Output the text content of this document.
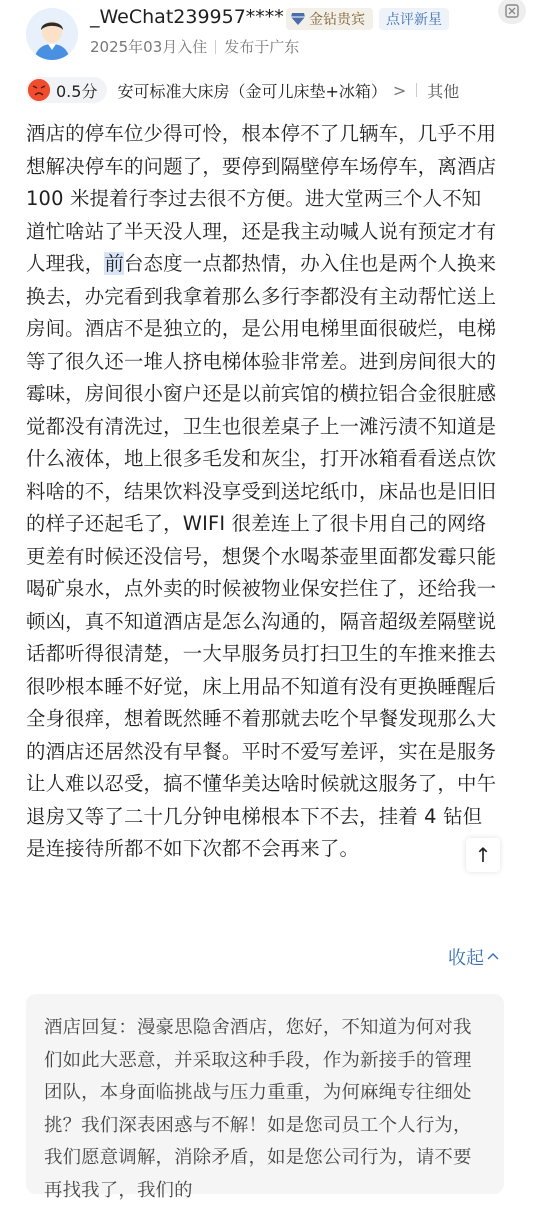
_WeChat239957**** 金钻贵宾	点评新星
2025年03月入住 发布于广东
0.5分 安可标准大床房（金可儿床垫+冰箱） > 其他
酒店的停车位少得可怜，根本停不了几辆车，几乎不用想解决停车的问题了，要停到隔壁停车场停车，离酒店 100 米提着行李过去很不方便。进大堂两三个人不知道忙啥站了半天没人理，还是我主动喊人说有预定才有人理我，前台态度一点都热情，办入住也是两个人换来换去，办完看到我拿着那么多行李都没有主动帮忙送上房间。酒店不是独立的，是公用电梯里面很破烂，电梯等了很久还一堆人挤电梯体验非常差。进到房间很大的霉味，房间很小窗户还是以前宾馆的横拉铝合金很脏感觉都没有清洗过，卫生也很差桌子上一滩污渍不知道是什么液体，地上很多毛发和灰尘，打开冰箱看看送点饮料啥的不，结果饮料没享受到送坨纸巾，床品也是旧旧的样子还起毛了，WIFI 很差连上了很卡用自己的网络更差有时候还没信号，想煲个水喝茶壶里面都发霉只能喝矿泉水，点外卖的时候被物业保安拦住了，还给我一顿凶，真不知道酒店是怎么沟通的，隔音超级差隔壁说话都听得很清楚，一大早服务员打扫卫生的车推来推去很吵根本睡不好觉，床上用品不知道有没有更换睡醒后全身很痒，想着既然睡不着那就去吃个早餐发现那么大的酒店还居然没有早餐。平时不爱写差评，实在是服务让人难以忍受，搞不懂华美达啥时候就这服务了，中午退房又等了二十几分钟电梯根本下不去，挂着 4 钻但是连接待所都不如下次都不会再来了。	↑
收起
酒店回复：漫豪思隐舍酒店，您好，不知道为何对我们如此大恶意，并采取这种手段，作为新接手的管理团队，本身面临挑战与压力重重，为何麻绳专往细处挑？我们深表困惑与不解！如是您司员工个人行为，我们愿意调解，消除矛盾，如是您公司行为，请不要再找我了，我们的
